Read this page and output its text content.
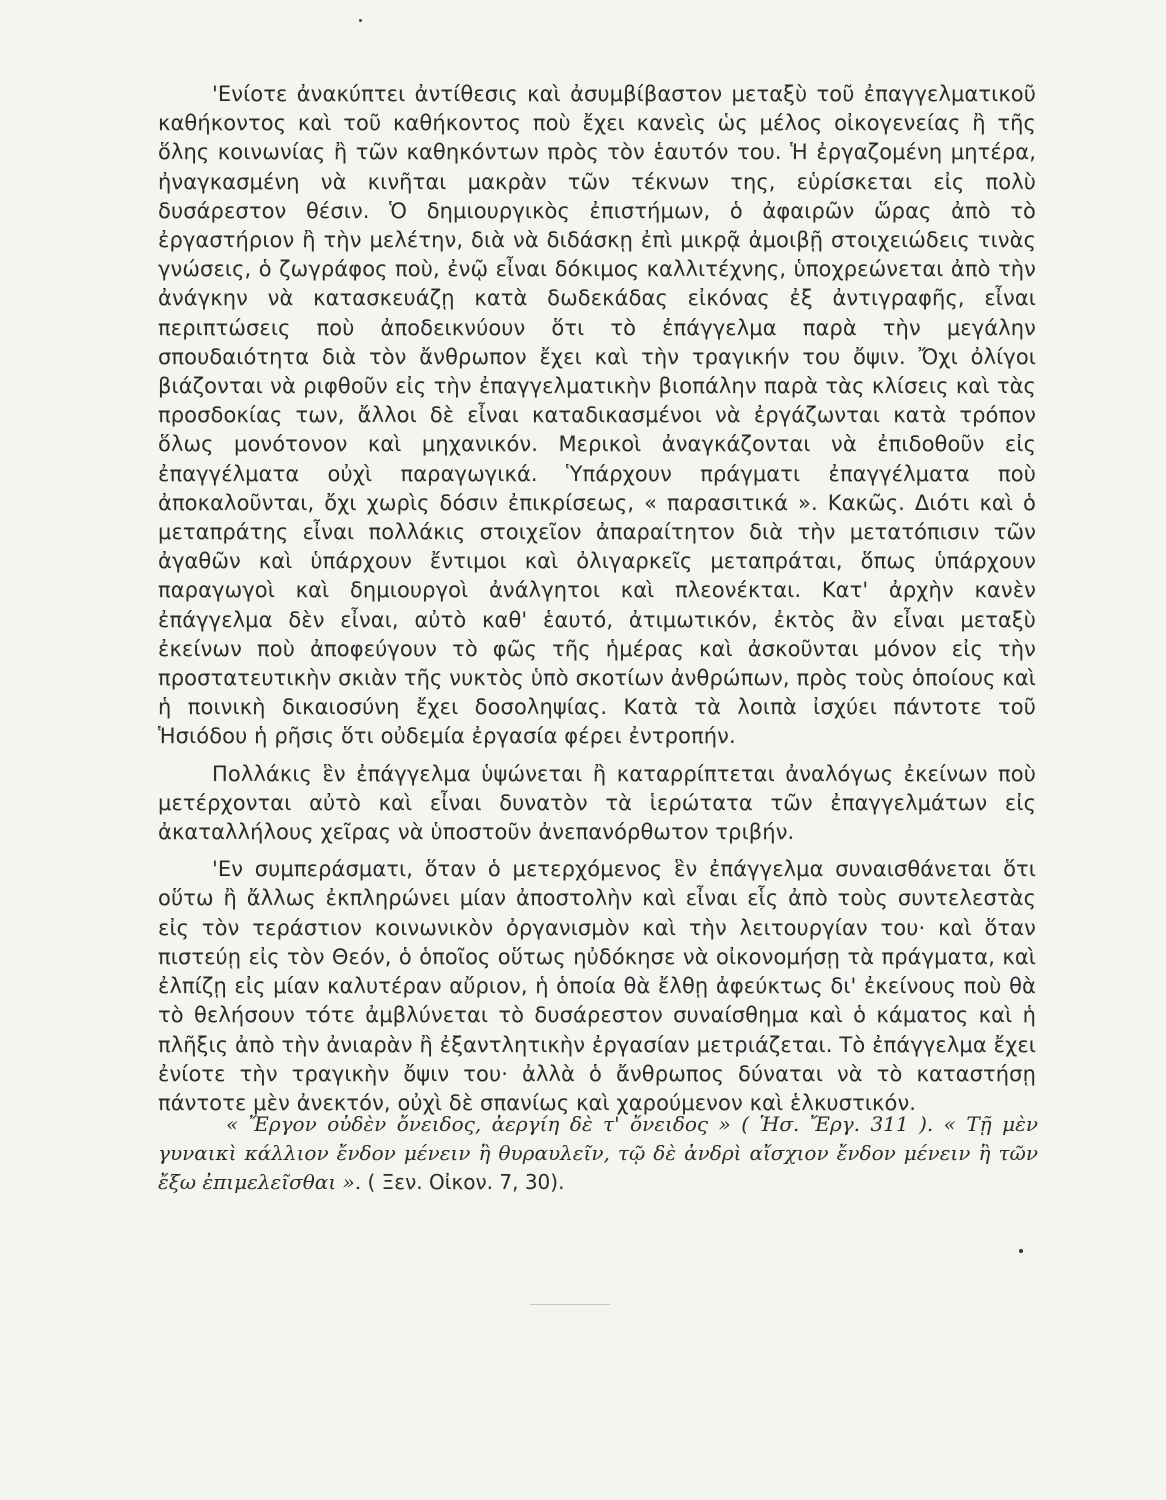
'Ενίοτε ἀνακύπτει ἀντίθεσις καὶ ἀσυμβίβαστον μεταξὺ τοῦ ἐπαγγελματικοῦ καθήκοντος καὶ τοῦ καθήκοντος ποὺ ἔχει κανεὶς ὡς μέλος οἰκογενείας ἢ τῆς ὅλης κοινωνίας ἢ τῶν καθηκόντων πρὸς τὸν ἑαυτόν του. Ἡ ἐργαζομένη μητέρα, ἠναγκασμένη νὰ κινῆται μακρὰν τῶν τέκνων της, εὑρίσκεται εἰς πολὺ δυσάρεστον θέσιν. Ὁ δημιουργικὸς ἐπιστήμων, ὁ ἀφαιρῶν ὥρας ἀπὸ τὸ ἐργαστήριον ἢ τὴν μελέτην, διὰ νὰ διδάσκῃ ἐπὶ μικρᾷ ἀμοιβῇ στοιχειώδεις τινὰς γνώσεις, ὁ ζωγράφος ποὺ, ἐνῷ εἶναι δόκιμος καλλιτέχνης, ὑποχρεώνεται ἀπὸ τὴν ἀνάγκην νὰ κατασκευάζῃ κατὰ δωδεκάδας εἰκόνας ἐξ ἀντιγραφῆς, εἶναι περιπτώσεις ποὺ ἀποδεικνύουν ὅτι τὸ ἐπάγγελμα παρὰ τὴν μεγάλην σπουδαιότητα διὰ τὸν ἄνθρωπον ἔχει καὶ τὴν τραγικήν του ὄψιν. Ὄχι ὀλίγοι βιάζονται νὰ ριφθοῦν εἰς τὴν ἐπαγγελματικὴν βιοπάλην παρὰ τὰς κλίσεις καὶ τὰς προσδοκίας των, ἄλλοι δὲ εἶναι καταδικασμένοι νὰ ἐργάζωνται κατὰ τρόπον ὅλως μονότονον καὶ μηχανικόν. Μερικοὶ ἀναγκάζονται νὰ ἐπιδοθοῦν εἰς ἐπαγγέλματα οὐχὶ παραγωγικά. Ὑπάρχουν πράγματι ἐπαγγέλματα ποὺ ἀποκαλοῦνται, ὄχι χωρὶς δόσιν ἐπικρίσεως, « παρασιτικά ». Κακῶς. Διότι καὶ ὁ μεταπράτης εἶναι πολλάκις στοιχεῖον ἀπαραίτητον διὰ τὴν μετατόπισιν τῶν ἀγαθῶν καὶ ὑπάρχουν ἔντιμοι καὶ ὀλιγαρκεῖς μεταπράται, ὅπως ὑπάρχουν παραγωγοὶ καὶ δημιουργοὶ ἀνάλγητοι καὶ πλεονέκται. Κατ' ἀρχὴν κανὲν ἐπάγγελμα δὲν εἶναι, αὐτὸ καθ' ἑαυτό, ἀτιμωτικόν, ἐκτὸς ἂν εἶναι μεταξὺ ἐκείνων ποὺ ἀποφεύγουν τὸ φῶς τῆς ἡμέρας καὶ ἀσκοῦνται μόνον εἰς τὴν προστατευτικὴν σκιὰν τῆς νυκτὸς ὑπὸ σκοτίων ἀνθρώπων, πρὸς τοὺς ὁποίους καὶ ἡ ποινικὴ δικαιοσύνη ἔχει δοσοληψίας. Κατὰ τὰ λοιπὰ ἰσχύει πάντοτε τοῦ Ἡσιόδου ἡ ρῆσις ὅτι οὐδεμία ἐργασία φέρει ἐντροπήν.

Πολλάκις ἓν ἐπάγγελμα ὑψώνεται ἢ καταρρίπτεται ἀναλόγως ἐκείνων ποὺ μετέρχονται αὐτὸ καὶ εἶναι δυνατὸν τὰ ἱερώτατα τῶν ἐπαγγελμάτων εἰς ἀκαταλλήλους χεῖρας νὰ ὑποστοῦν ἀνεπανόρθωτον τριβήν.

'Εν συμπεράσματι, ὅταν ὁ μετερχόμενος ἓν ἐπάγγελμα συναισθάνεται ὅτι οὕτω ἢ ἄλλως ἐκπληρώνει μίαν ἀποστολὴν καὶ εἶναι εἷς ἀπὸ τοὺς συντελεστὰς εἰς τὸν τεράστιον κοινωνικὸν ὀργανισμὸν καὶ τὴν λειτουργίαν του· καὶ ὅταν πιστεύῃ εἰς τὸν Θεόν, ὁ ὁποῖος οὕτως ηὐδόκησε νὰ οἰκονομήσῃ τὰ πράγματα, καὶ ἐλπίζῃ εἰς μίαν καλυτέραν αὔριον, ἡ ὁποία θὰ ἔλθῃ ἀφεύκτως δι' ἐκείνους ποὺ θὰ τὸ θελήσουν τότε ἀμβλύνεται τὸ δυσάρεστον συναίσθημα καὶ ὁ κάματος καὶ ἡ πλῆξις ἀπὸ τὴν ἀνιαρὰν ἢ ἐξαντλητικὴν ἐργασίαν μετριάζεται. Τὸ ἐπάγγελμα ἔχει ἐνίοτε τὴν τραγικὴν ὄψιν του· ἀλλὰ ὁ ἄνθρωπος δύναται νὰ τὸ καταστήσῃ πάντοτε μὲν ἀνεκτόν, οὐχὶ δὲ σπανίως καὶ χαρούμενον καὶ ἑλκυστικόν.

« Ἔργον οὐδὲν ὄνειδος, ἀεργίη δὲ τ' ὄνειδος » ( Ἡσ. Ἔργ. 311 ). « Τῇ μὲν γυναικὶ κάλλιον ἔνδον μένειν ἢ θυραυλεῖν, τῷ δὲ ἀνδρὶ αἴσχιον ἔνδον μένειν ἢ τῶν ἔξω ἐπιμελεῖσθαι ». ( Ξεν. Οἰκον. 7, 30).
